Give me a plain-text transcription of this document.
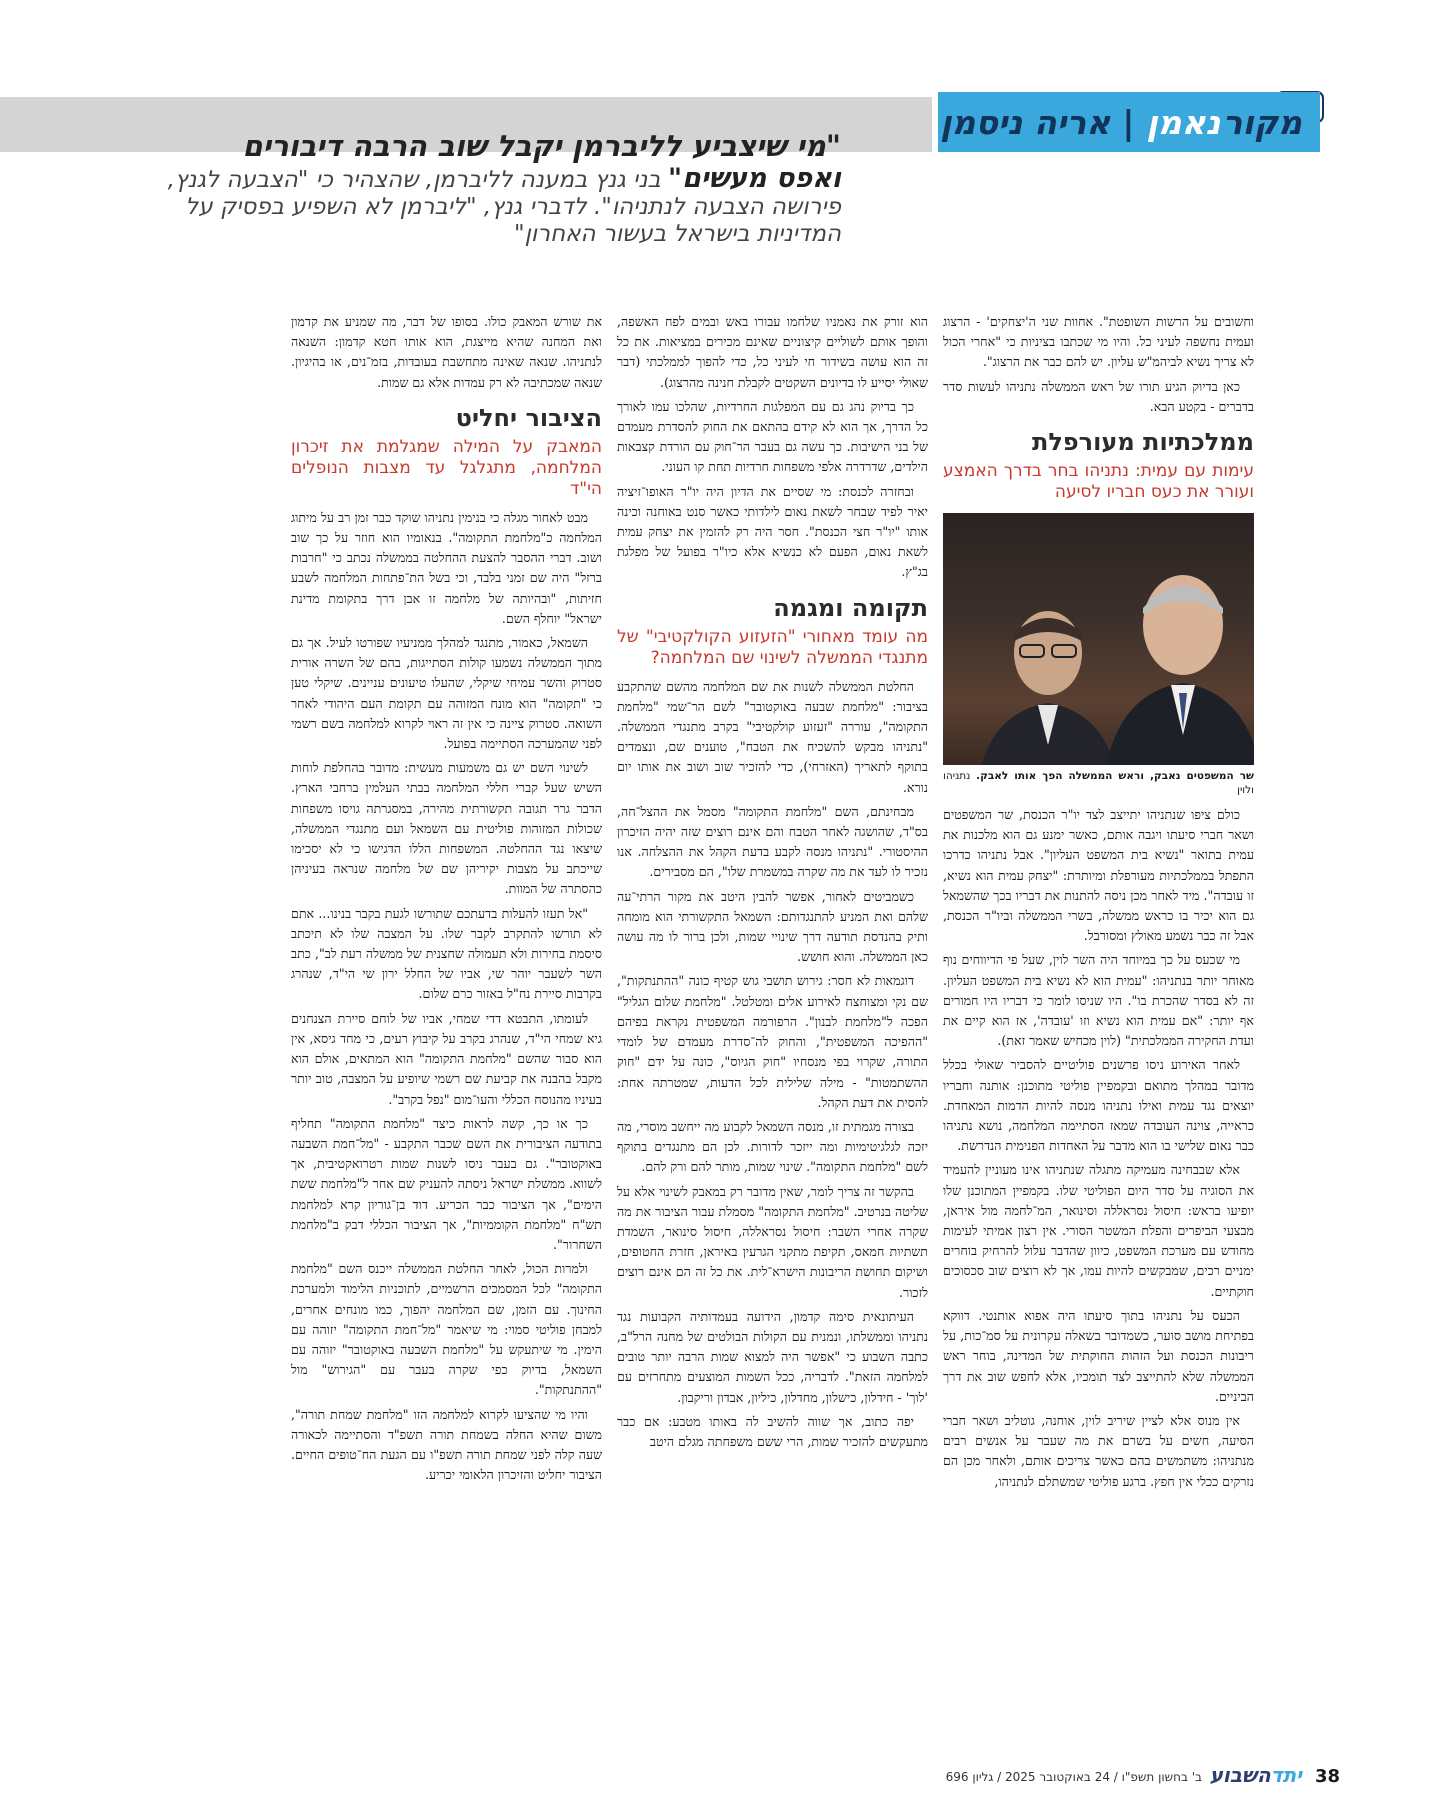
מקור
נאמן
|
אריה ניסמן
"מי שיצביע לליברמן יקבל שוב הרבה דיבורים
ואפס מעשים" בני גנץ במענה לליברמן, שהצהיר כי "הצבעה לגנץ, פירושה הצבעה לנתניהו". לדברי גנץ, "ליברמן לא השפיע בפסיק על המדיניות בישראל בעשור האחרון"

וחשובים על הרשות השופטת". אחוות שני ה'יצחקים' - הרצוג ועמית נחשפה לעיני כל. והיו מי שכתבו בציניות כי "אחרי הכול לא צריך נשיא לביהמ"ש עליון. יש להם כבר את הרצוג".

כאן בדיוק הגיע תורו של ראש הממשלה נתניהו לעשות סדר בדברים - בקטע הבא.

ממלכתיות מעורפלת
עימות עם עמית: נתניהו בחר בדרך האמצע ועורר את כעס חבריו לסיעה
שר המשפטים נאבק, וראש הממשלה הפך אותו לאבק. נתניהו ולוין

כולם ציפו שנתניהו יתייצב לצד יו"ר הכנסת, שר המשפטים ושאר חברי סיעתו ויגבה אותם, כאשר ימנע גם הוא מלכנות את עמית בתואר "נשיא בית המשפט העליון". אבל נתניהו כדרכו התפתל בממלכתיות מעורפלת ומיותרת: "יצחק עמית הוא נשיא, זו עובדה". מיד לאחר מכן ניסה להתנות את דבריו בכך שהשמאל גם הוא יכיר בו כראש ממשלה, בשרי הממשלה וביו"ר הכנסת, אבל זה כבר נשמע מאולץ ומסורבל.

מי שכעס על כך במיוחד היה השר לוין, שעל פי הדיווחים נוף מאוחר יותר בנתניהו: "עמית הוא לא נשיא בית המשפט העליון. זה לא בסדר שהכרת בו". היו שניסו לומר כי דבריו היו חמורים אף יותר: "אם עמית הוא נשיא וזו 'עובדה', אז הוא קיים את ועדת החקירה הממלכתית" (לוין מכחיש שאמר זאת).

לאחר האירוע ניסו פרשנים פוליטיים להסביר שאולי בכלל מדובר במהלך מתואם ובקמפיין פוליטי מתוכנן: אותנה וחבריו יוצאים נגד עמית ואילו נתניהו מנסה להיות הדמות המאחדת. כראייה, צוינה העובדה שמאז הסתיימה המלחמה, נושא נתניהו כבר נאום שלישי בו הוא מדבר על האחדות הפנימית הנדרשת.

אלא שבבחינה מעמיקה מתגלה שנתניהו אינו מעוניין להעמיד את הסוגיה על סדר היום הפוליטי שלו. בקמפיין המתוכנן שלו יופיעו בראש: חיסול נסראללה וסינואר, המ־לחמה מול איראן, מבצעי הביפרים והפלת המשטר הסורי. אין רצון אמיתי לעימות מחודש עם מערכת המשפט, כיוון שהדבר עלול להרחיק בוחרים ימניים רכים, שמבקשים להיות עמו, אך לא רוצים שוב סכסוכים חוקתיים.

הכעס על נתניהו בתוך סיעתו היה אפוא אותנטי. דווקא בפתיחת מושב סוער, כשמדובר בשאלה עקרונית על סמ־כות, על ריבונות הכנסת ועל הזהות החוקתית של המדינה, בוחר ראש הממשלה שלא להתייצב לצד תומכיו, אלא לחפש שוב את דרך הביניים.

אין מנוס אלא לציין שיריב לוין, אוחנה, גוטליב ושאר חברי הסיעה, חשים על בשרם את מה שעבר על אנשים רבים מנתניהו: משתמשים בהם כאשר צריכים אותם, ולאחר מכן הם נזרקים ככלי אין חפץ. ברגע פוליטי שמשתלם לנתניהו,

הוא זורק את נאמניו שלחמו עבורו באש ובמים לפח האשפה, והופך אותם לשוליים קיצוניים שאינם מכירים במציאות. את כל זה הוא עושה בשידור חי לעיני כל, כדי להפוך לממלכתי (דבר שאולי יסייע לו בדיונים השקטים לקבלת חנינה מהרצוג).

כך בדיוק נהג גם עם המפלגות החרדיות, שהלכו עמו לאורך כל הדרך, אך הוא לא קידם בהתאם את החוק להסדרת מעמדם של בני הישיבות. כך עשה גם בעבר הר־חוק עם הורדת קצבאות הילדים, שדרדרה אלפי משפחות חרדיות תחת קו העוני.

ובחזרה לכנסת: מי שסיים את הדיון היה יו"ר האופו־זיציה יאיר לפיד שבחר לשאת נאום לילדותי כאשר סנט באוחנה וכינה אותו "יו"ר חצי הכנסת". חסר היה רק להזמין את יצחק עמית לשאת נאום, הפעם לא כנשיא אלא כיו"ר בפועל של מפלגת בג"ץ.

תקומה ומגמה
מה עומד מאחורי "הזעזוע הקולקטיבי" של מתנגדי הממשלה לשינוי שם המלחמה?

החלטת הממשלה לשנות את שם המלחמה מהשם שהתקבע בציבור: "מלחמת שבעה באוקטובר" לשם הר־שמי "מלחמת התקומה", עוררה "זעזוע קולקטיבי" בקרב מתנגדי הממשלה. "נתניהו מבקש להשכיח את הטבח", טוענים שם, ונצמדים בתוקף לתאריך (האזרחי), כדי להזכיר שוב ושוב את אותו יום נורא.

מבחינתם, השם "מלחמת התקומה" מסמל את ההצל־חה, בס"ד, שהושגה לאחר הטבח והם אינם רוצים שזה יהיה הזיכרון ההיסטורי. "נתניהו מנסה לקבע בדעת הקהל את ההצלחה. אנו נזכיר לו לעד את מה שקרה במשמרת שלו", הם מסבירים.

כשמביטים לאחור, אפשר להבין היטב את מקור הרתי־עה שלהם ואת המניע להתנגדותם: השמאל התקשורתי הוא מומחה ותיק בהנדסת תודעה דרך שינויי שמות, ולכן ברור לו מה עושה כאן הממשלה. והוא חושש.

דוגמאות לא חסר: גירוש תושבי גוש קטיף כונה "ההתנתקות", שם נקי ומצוחצח לאירוע אלים ומטלטל. "מלחמת שלום הגליל" הפכה ל"מלחמת לבנון". הרפורמה המשפטית נקראת בפיהם "ההפיכה המשפטית", והחוק לה־סדרת מעמדם של לומדי התורה, שקרוי בפי מנסחיו "חוק הגיוס", כונה על ידם "חוק ההשתמטות" - מילה שלילית לכל הדעות, שמטרתה אחת: להסית את דעת הקהל.

בצורה מגמתית זו, מנסה השמאל לקבוע מה ייחשב מוסרי, מה יזכה לגלגיטימיות ומה ייזכר לדורות. לכן הם מתנגדים בתוקף לשם "מלחמת התקומה". שינוי שמות, מותר להם ורק להם.

בהקשר זה צריך לומר, שאין מדובר רק במאבק לשינוי אלא על שליטה בנרטיב. "מלחמת התקומה" מסמלת עבור הציבור את מה שקרה אחרי השבר: חיסול נסראללה, חיסול סינואר, השמדת תשתיות חמאס, תקיפת מתקני הגרעין באיראן, חזרת החטופים, ושיקום תחושת הריבונות הישרא־לית. את כל זה הם אינם רוצים לזכור.

העיתונאית סימה קדמון, הידועה בעמדותיה הקבועות נגד נתניהו וממשלתו, ונמנית עם הקולות הבולטים של מחנה הרל"ב, כתבה השבוע כי "אפשר היה למצוא שמות הרבה יותר טובים למלחמה הזאת". לדבריה, ככל השמות המוצעים מתחרזים עם 'לוך' - חידלון, כישלון, מחדלון, כיליון, אבדון וריקבון.

יפה כתוב, אך שווה להשיב לה באותו מטבע: אם כבר מתעקשים להזכיר שמות, הרי ששם משפחתה מגלם היטב

את שורש המאבק כולו. בסופו של דבר, מה שמניע את קדמון ואת המחנה שהיא מייצגת, הוא אותו חטא קדמון: השנאה לנתניהו. שנאה שאינה מתחשבת בעובדות, בזמ־נים, או בהיגיון. שנאה שמכתיבה לא רק עמדות אלא גם שמות.

הציבור יחליט
המאבק על המילה שמגלמת את זיכרון המלחמה, מתגלגל עד מצבות הנופלים הי"ד

מבט לאחור מגלה כי בנימין נתניהו שוקד כבר זמן רב על מיתוג המלחמה כ"מלחמת התקומה". בנאומיו הוא חוזר על כך שוב ושוב. דברי ההסבר להצעת ההחלטה בממשלה נכתב כי "חרבות ברזל" היה שם זמני בלבד, וכי בשל הת־פתחות המלחמה לשבע חזיתות, "ובהיותה של מלחמה זו אבן דרך בתקומת מדינת ישראל" יוחלף השם.

השמאל, כאמור, מתנגד למהלך ממניעיו שפורטו לעיל. אך גם מתוך הממשלה נשמעו קולות הסתייגות, בהם של השרה אורית סטרוק והשר עמיחי שיקלי, שהעלו טיעונים עניינים. שיקלי טען כי "תקומה" הוא מונח המזוהה עם תקומת העם היהודי לאחר השואה. סטרוק ציינה כי אין זה ראוי לקרוא למלחמה בשם רשמי לפני שהמערכה הסתיימה בפועל.

לשינוי השם יש גם משמעות מעשית: מדובר בהחלפת לוחות השיש שעל קברי חללי המלחמה בבתי העלמין ברחבי הארץ. הדבר גרר תגובה תקשורתית מהירה, במסגרתה גויסו משפחות שכולות המזוהות פוליטית עם השמאל ועם מתנגדי הממשלה, שיצאו נגד ההחלטה. המשפחות הללו הדגישו כי לא יסכימו שייכתב על מצבות יקיריהן שם של מלחמה שנראה בעיניהן כהסתרה של המוות.

"אל תעזו להעלות בדעתכם שתורשו לגעת בקבר בנינו... אתם לא תורשו להתקרב לקבר שלו. על המצבה שלו לא תיכתב סיסמת בחירות ולא תעמולה שחצנית של ממשלה רעת לב", כתב השר לשעבר יוהר שי, אביו של החלל ירון שי הי"ד, שנהרג בקרבות סיירת נח"ל באזור כרם שלום.

לעומתו, התבטא דדי שמחי, אביו של לוחם סיירת הצנחנים גיא שמחי הי"ד, שנהרג בקרב על קיבוץ רעים, כי מחד גיסא, אין הוא סבור שהשם "מלחמת התקומה" הוא המתאים, אולם הוא מקבל בהבנה את קביעת שם רשמי שיופיע על המצבה, טוב יותר בעיניו מהנוסח הכללי והעו־מום "נפל בקרב".

כך או כך, קשה לראות כיצד "מלחמת התקומה" תחליף בתודעה הציבורית את השם שכבר התקבע - "מל־חמת השבעה באוקטובר". גם בעבר ניסו לשנות שמות רטרואקטיבית, אך לשווא. ממשלת ישראל ניסתה להעניק שם אחר ל"מלחמת ששת הימים", אך הציבור כבר הכריע. דוד בן־גוריון קרא למלחמת תש"ח "מלחמת הקוממיות", אך הציבור הכללי דבק ב"מלחמת השחרור".

ולמרות הכול, לאחר החלטת הממשלה ייכנס השם "מלחמת התקומה" לכל המסמכים הרשמיים, לתוכניות הלימוד ולמערכת החינוך. עם הזמן, שם המלחמה יהפוך, כמו מונחים אחרים, למבחן פוליטי סמוי: מי שיאמר "מל־חמת התקומה" יזוהה עם הימין. מי שיתעקש על "מלחמת השבעה באוקטובר" יזוהה עם השמאל, בדיוק כפי שקרה בעבר עם "הגירוש" מול "ההתנתקות".

והיו מי שהציעו לקרוא למלחמה הזו "מלחמת שמחת תורה", משום שהיא החלה בשמחת תורה תשפ"ד והסתיימה לכאורה שעה קלה לפני שמחת תורה תשפ"ו עם הגעת הח־טופים החיים. הציבור יחליט והזיכרון הלאומי יכריע.

38
יתדהשבוע
ב' בחשון תשפ"ו / 24 באוקטובר 2025 / גליון 696
